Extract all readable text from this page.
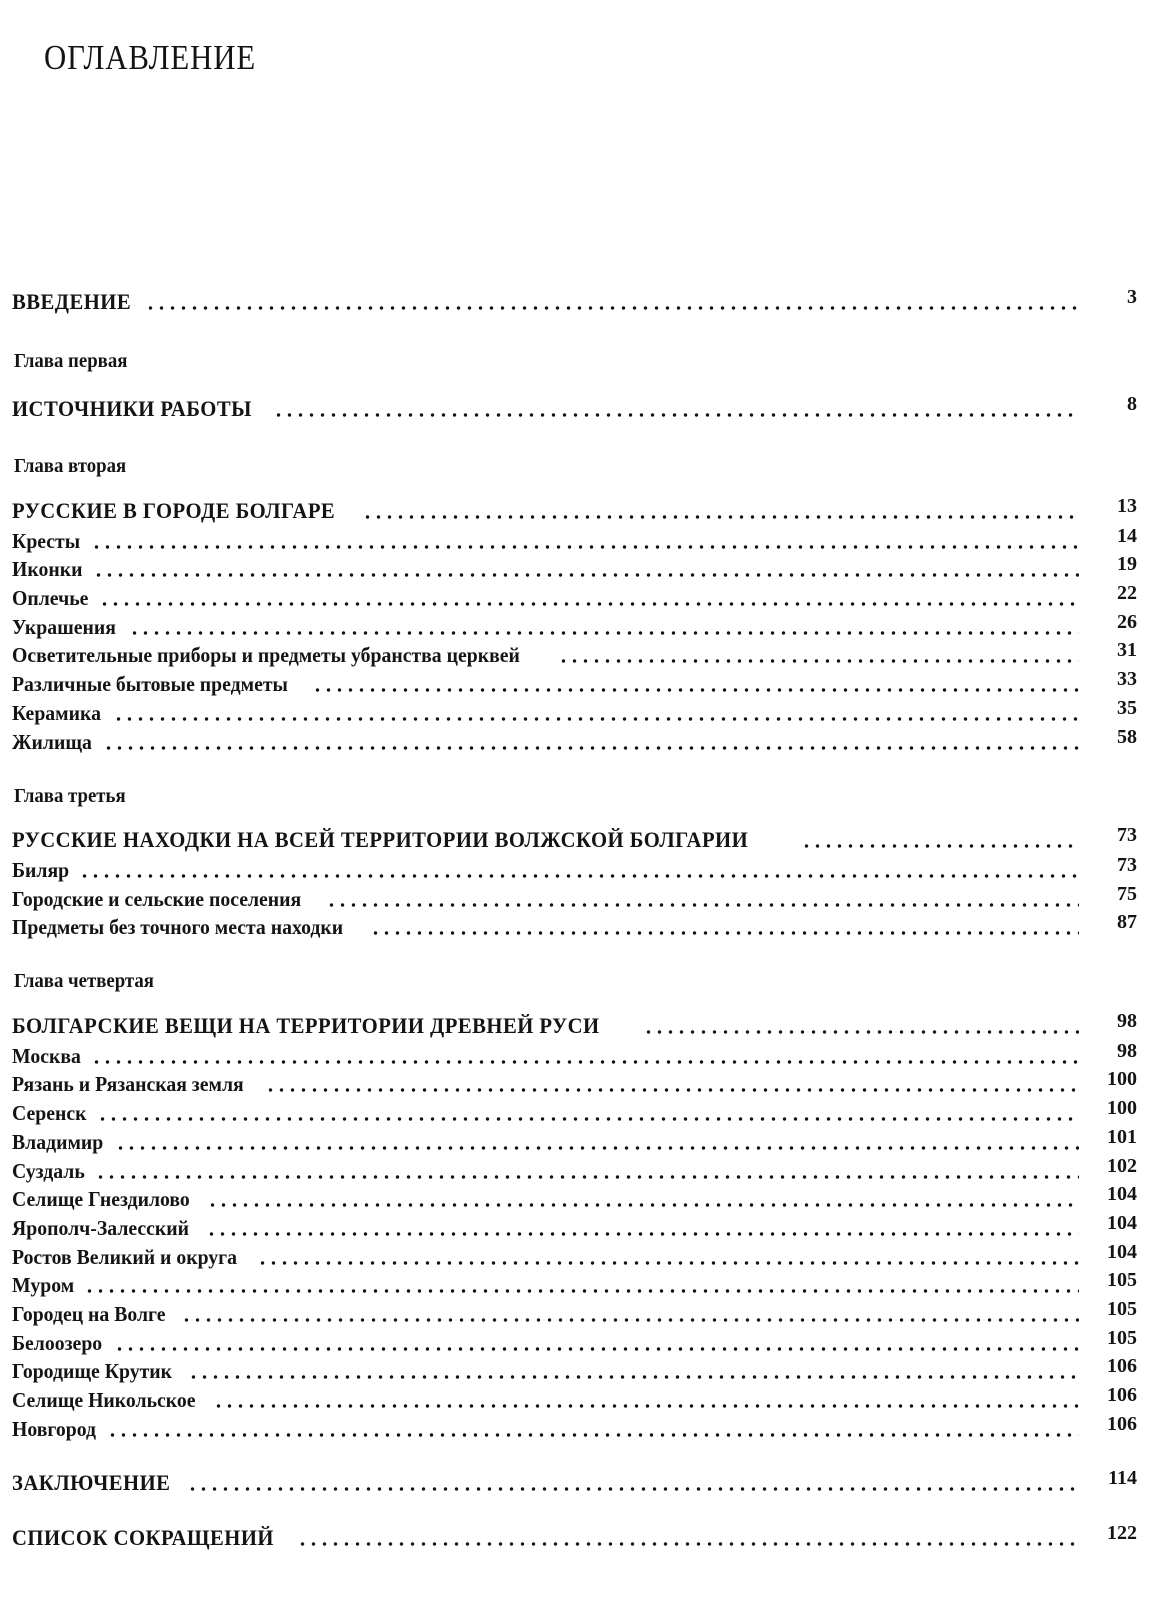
ОГЛАВЛЕНИЕ
ВВЕДЕНИЕ	3
Глава первая
ИСТОЧНИКИ РАБОТЫ	8
Глава вторая
РУССКИЕ В ГОРОДЕ БОЛГАРЕ	13
Кресты	14
Иконки	19
Оплечье	22
Украшения	26
Осветительные приборы и предметы убранства церквей	31
Различные бытовые предметы	33
Керамика	35
Жилища	58
Глава третья
РУССКИЕ НАХОДКИ НА ВСЕЙ ТЕРРИТОРИИ ВОЛЖСКОЙ БОЛГАРИИ	73
Биляр	73
Городские и сельские поселения	75
Предметы без точного места находки	87
Глава четвертая
БОЛГАРСКИЕ ВЕЩИ НА ТЕРРИТОРИИ ДРЕВНЕЙ РУСИ	98
Москва	98
Рязань и Рязанская земля	100
Серенск	100
Владимир	101
Суздаль	102
Селище Гнездилово	104
Ярополч-Залесский	104
Ростов Великий и округа	104
Муром	105
Городец на Волге	105
Белоозеро	105
Городище Крутик	106
Селище Никольское	106
Новгород	106
ЗАКЛЮЧЕНИЕ	114
СПИСОК СОКРАЩЕНИЙ	122
